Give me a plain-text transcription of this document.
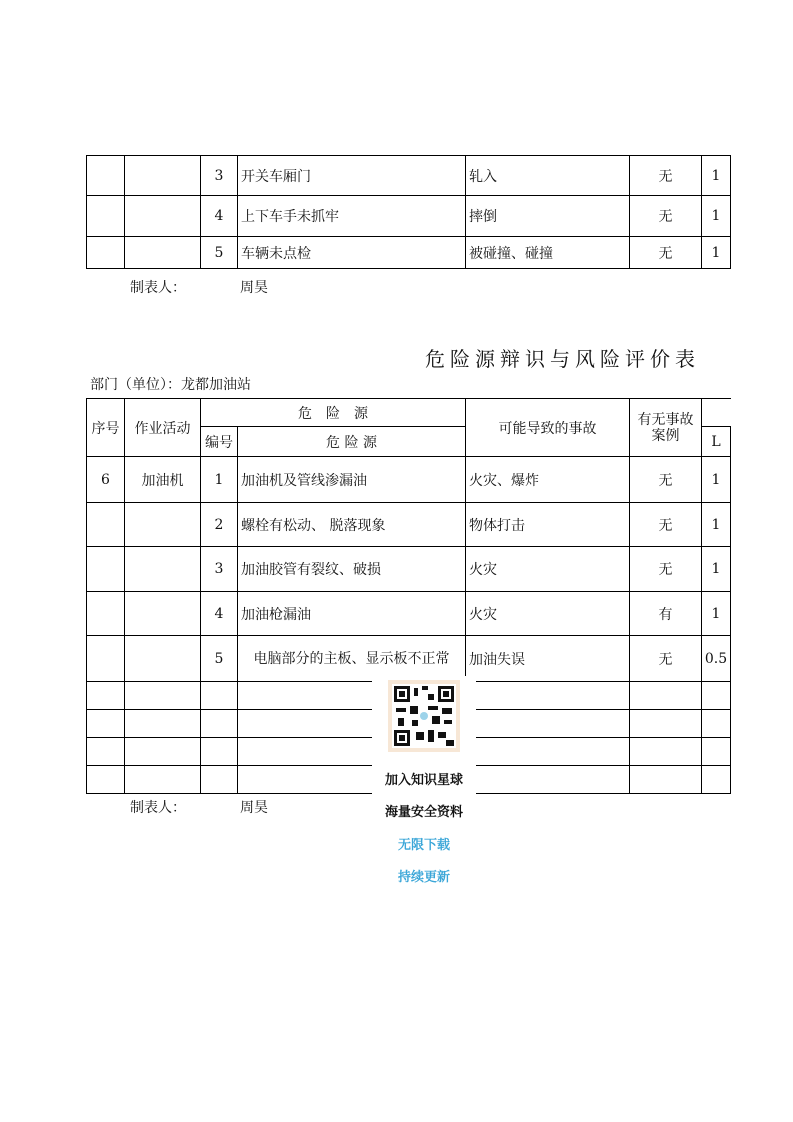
		3	开关车厢门	轧入	无	1
		4	上下车手未抓牢	摔倒	无	1
		5	车辆未点检	被碰撞、碰撞	无	1
制表人：	周昊
危险源辩识与风险评价表
部门（单位）：龙都加油站
序号	作业活动	危　险　源		可能导致的事故	有无事故案例	
		编号	危 险 源			L
6	加油机	1	加油机及管线渗漏油	火灾、爆炸	无	1
		2	螺栓有松动、 脱落现象	物体打击	无	1
		3	加油胶管有裂纹、破损	火灾	无	1
		4	加油枪漏油	火灾	有	1
		5	电脑部分的主板、显示板不正常	加油失误	无	0.5

制表人：	周昊
加入知识星球
海量安全资料
无限下载
持续更新
